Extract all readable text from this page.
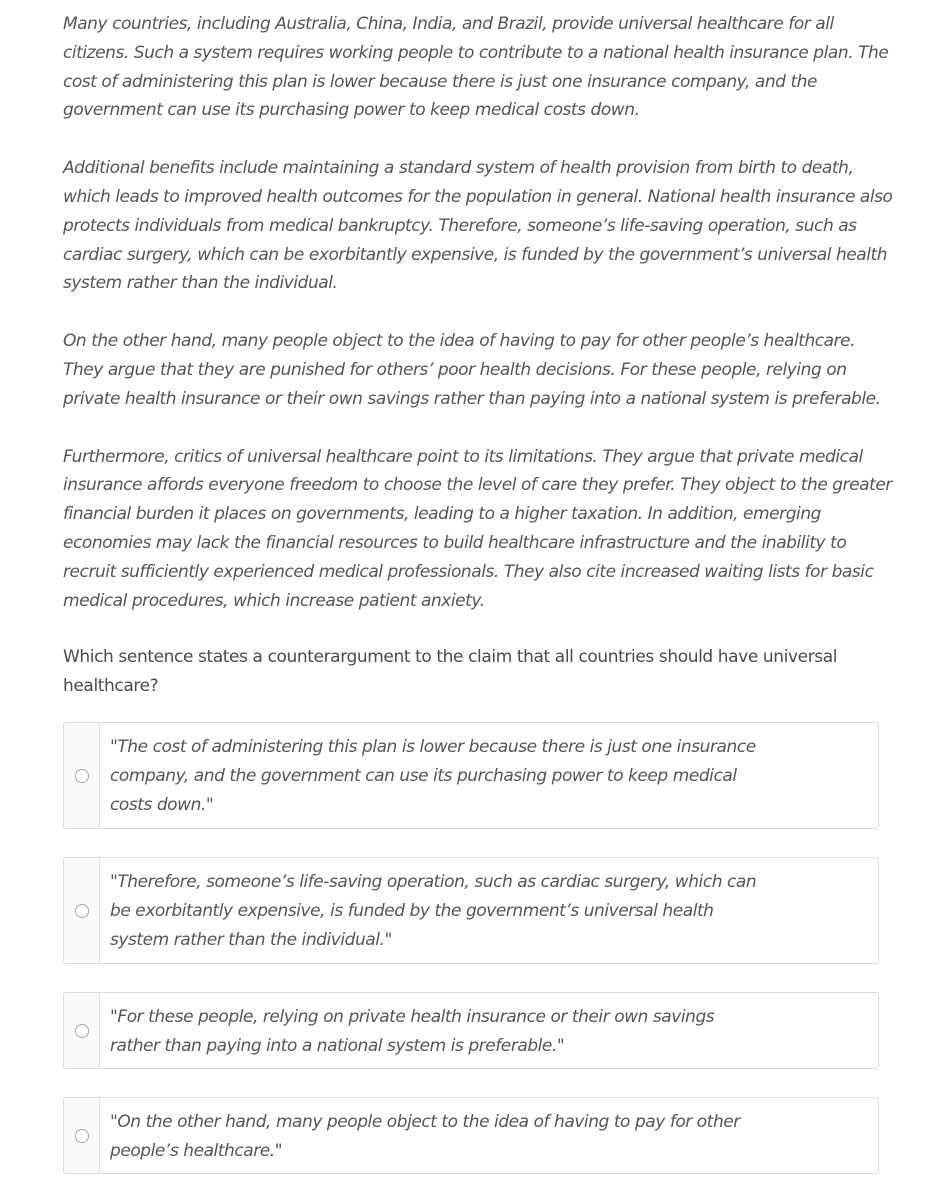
Many countries, including Australia, China, India, and Brazil, provide universal healthcare for all citizens. Such a system requires working people to contribute to a national health insurance plan. The cost of administering this plan is lower because there is just one insurance company, and the government can use its purchasing power to keep medical costs down.

Additional benefits include maintaining a standard system of health provision from birth to death, which leads to improved health outcomes for the population in general. National health insurance also protects individuals from medical bankruptcy. Therefore, someone’s life-saving operation, such as cardiac surgery, which can be exorbitantly expensive, is funded by the government’s universal health system rather than the individual.

On the other hand, many people object to the idea of having to pay for other people’s healthcare. They argue that they are punished for others’ poor health decisions. For these people, relying on private health insurance or their own savings rather than paying into a national system is preferable.

Furthermore, critics of universal healthcare point to its limitations. They argue that private medical insurance affords everyone freedom to choose the level of care they prefer. They object to the greater financial burden it places on governments, leading to a higher taxation. In addition, emerging economies may lack the financial resources to build healthcare infrastructure and the inability to recruit sufficiently experienced medical professionals. They also cite increased waiting lists for basic medical procedures, which increase patient anxiety.

Which sentence states a counterargument to the claim that all countries should have universal healthcare?

"The cost of administering this plan is lower because there is just one insurance company, and the government can use its purchasing power to keep medical costs down."
"Therefore, someone’s life-saving operation, such as cardiac surgery, which can be exorbitantly expensive, is funded by the government’s universal health system rather than the individual."
"For these people, relying on private health insurance or their own savings rather than paying into a national system is preferable."
"On the other hand, many people object to the idea of having to pay for other people’s healthcare."
